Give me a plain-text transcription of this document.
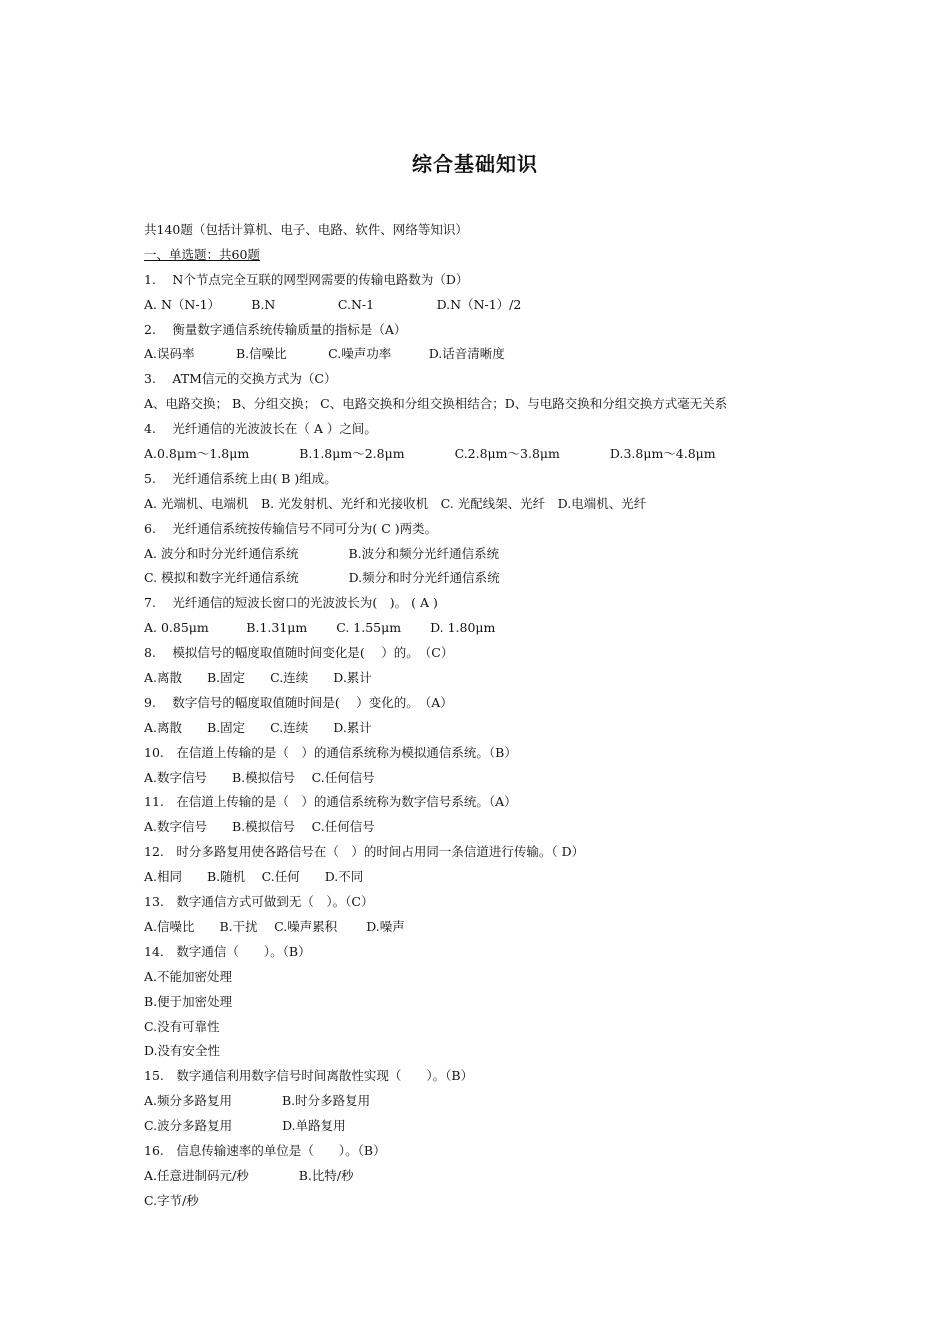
综合基础知识
共140题（包括计算机、电子、电路、软件、网络等知识）
一、单选题：共60题
1.　 N个节点完全互联的网型网需要的传输电路数为（D）
A. N（N-1）　　　B.N　　　　　C.N-1　　　　　D.N（N-1）/2
2.　 衡量数字通信系统传输质量的指标是（A）
A.误码率　　　 B.信噪比　　　 C.噪声功率　　　D.话音清晰度
3.　 ATM信元的交换方式为（C）
A、电路交换； B、分组交换； C、电路交换和分组交换相结合；D、与电路交换和分组交换方式毫无关系
4.　 光纤通信的光波波长在（ A ）之间。
A.0.8μm～1.8μm　　　　B.1.8μm～2.8μm　　　　C.2.8μm～3.8μm　　　　D.3.8μm～4.8μm
5.　 光纤通信系统上由( B )组成。
A. 光端机、电端机　B. 光发射机、光纤和光接收机　C. 光配线架、光纤　D.电端机、光纤
6.　 光纤通信系统按传输信号不同可分为( C )两类。
A. 波分和时分光纤通信系统　　　　B.波分和频分光纤通信系统
C. 模拟和数字光纤通信系统　　　　D.频分和时分光纤通信系统
7.　 光纤通信的短波长窗口的光波波长为(　)。 ( A )
A. 0.85μm　　　B.1.31μm　　 C. 1.55μm　　 D. 1.80μm
8.　 模拟信号的幅度取值随时间变化是(　 ）的。　（C）
A.离散　　B.固定　　C.连续　　D.累计
9.　 数字信号的幅度取值随时间是(　 ）变化的。　（A）
A.离散　　B.固定　　C.连续　　D.累计
10.　在信道上传输的是（　）的通信系统称为模拟通信系统。（B）
A.数字信号　　B.模拟信号　 C.任何信号
11.　在信道上传输的是（　）的通信系统称为数字信号系统。（A）
A.数字信号　　B.模拟信号　 C.任何信号
12.　时分多路复用使各路信号在（　）的时间占用同一条信道进行传输。（ D）
A.相同　　B.随机　 C.任何　　D.不同
13.　数字通信方式可做到无（　）。（C）
A.信噪比　　B.干扰　 C.噪声累积　　 D.噪声
14.　数字通信（　　）。（B）
A.不能加密处理
B.便于加密处理
C.没有可靠性
D.没有安全性
15.　数字通信利用数字信号时间离散性实现（　　）。（B）
A.频分多路复用　　　　B.时分多路复用
C.波分多路复用　　　　D.单路复用
16.　信息传输速率的单位是（　　）。（B）
A.任意进制码元/秒　　　　B.比特/秒
C.字节/秒
